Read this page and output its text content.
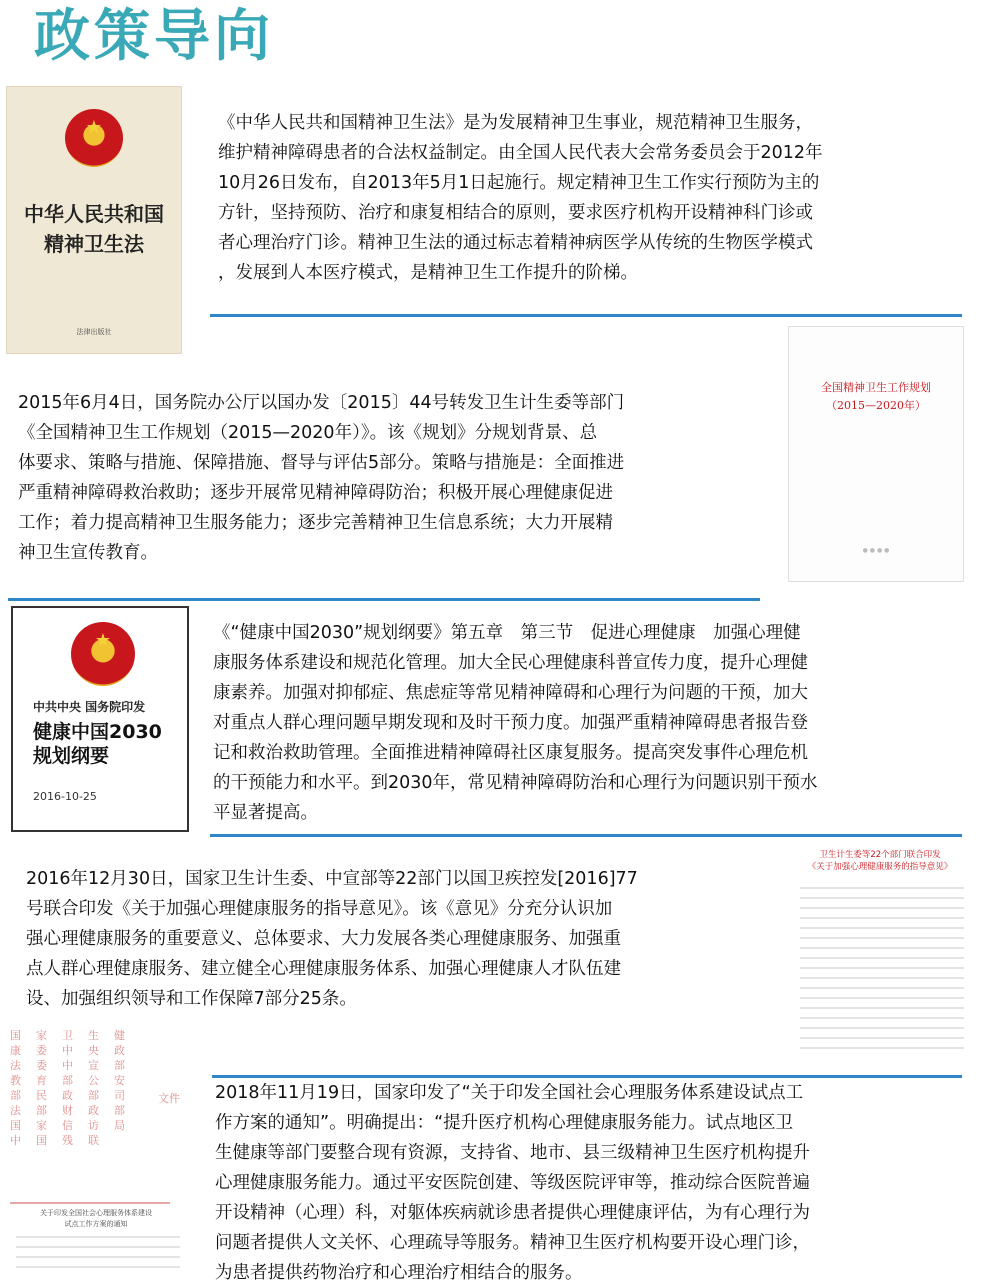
政策导向
★
中华人民共和国
精神卫生法
法律出版社

《中华人民共和国精神卫生法》是为发展精神卫生事业，规范精神卫生服务，
维护精神障碍患者的合法权益制定。由全国人民代表大会常务委员会于2012年
10月26日发布，自2013年5月1日起施行。规定精神卫生工作实行预防为主的
方针，坚持预防、治疗和康复相结合的原则，要求医疗机构开设精神科门诊或
者心理治疗门诊。精神卫生法的通过标志着精神病医学从传统的生物医学模式
，发展到人本医疗模式，是精神卫生工作提升的阶梯。

2015年6月4日，国务院办公厅以国办发〔2015〕44号转发卫生计生委等部门
《全国精神卫生工作规划（2015—2020年）》。该《规划》分规划背景、总
体要求、策略与措施、保障措施、督导与评估5部分。策略与措施是：全面推进
严重精神障碍救治救助；逐步开展常见精神障碍防治；积极开展心理健康促进
工作；着力提高精神卫生服务能力；逐步完善精神卫生信息系统；大力开展精
神卫生宣传教育。

全国精神卫生工作规划
（2015—2020年）
● ● ● ●
★
中共中央 国务院印发
健康中国2030
规划纲要
2016-10-25

《“健康中国2030”规划纲要》第五章　第三节　促进心理健康　加强心理健
康服务体系建设和规范化管理。加大全民心理健康科普宣传力度，提升心理健
康素养。加强对抑郁症、焦虑症等常见精神障碍和心理行为问题的干预，加大
对重点人群心理问题早期发现和及时干预力度。加强严重精神障碍患者报告登
记和救治救助管理。全面推进精神障碍社区康复服务。提高突发事件心理危机
的干预能力和水平。到2030年，常见精神障碍防治和心理行为问题识别干预水
平显著提高。

2016年12月30日，国家卫生计生委、中宣部等22部门以国卫疾控发[2016]77
号联合印发《关于加强心理健康服务的指导意见》。该《意见》分充分认识加
强心理健康服务的重要意义、总体要求、大力发展各类心理健康服务、加强重
点人群心理健康服务、建立健全心理健康服务体系、加强心理健康人才队伍建
设、加强组织领导和工作保障7部分25条。

卫生计生委等22个部门联合印发
《关于加强心理健康服务的指导意见》
国家卫生健康委中央政法委中宣部教育部公安部民政部司法部财政部国家信访局中国残联
文件
关于印发全国社会心理服务体系建设
试点工作方案的通知

2018年11月19日，国家印发了“关于印发全国社会心理服务体系建设试点工
作方案的通知”。明确提出：“提升医疗机构心理健康服务能力。试点地区卫
生健康等部门要整合现有资源，支持省、地市、县三级精神卫生医疗机构提升
心理健康服务能力。通过平安医院创建、等级医院评审等，推动综合医院普遍
开设精神（心理）科，对躯体疾病就诊患者提供心理健康评估，为有心理行为
问题者提供人文关怀、心理疏导等服务。精神卫生医疗机构要开设心理门诊，
为患者提供药物治疗和心理治疗相结合的服务。
